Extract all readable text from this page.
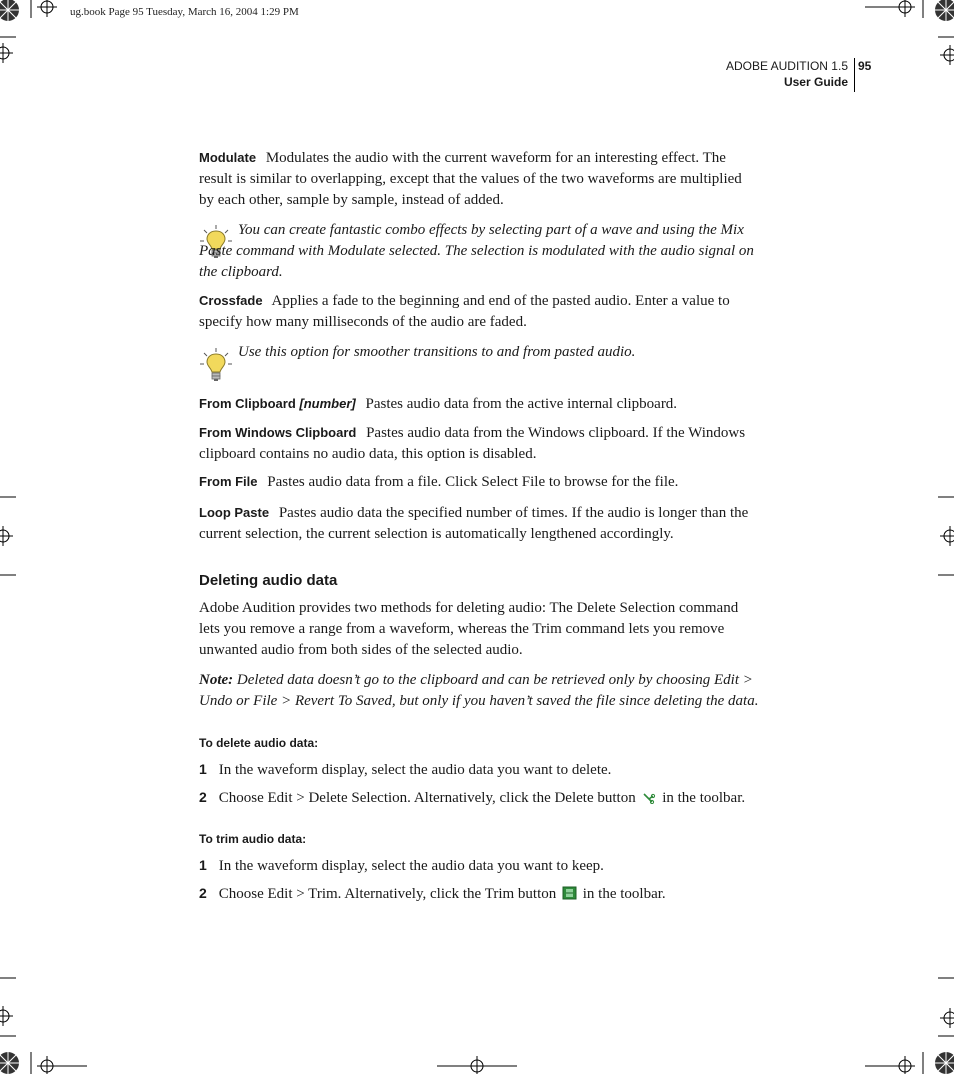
ug.book Page 95 Tuesday, March 16, 2004 1:29 PM
ADOBE AUDITION 1.5
User Guide
95
Modulate Modulates the audio with the current waveform for an interesting effect. The result is similar to overlapping, except that the values of the two waveforms are multiplied by each other, sample by sample, instead of added.
You can create fantastic combo effects by selecting part of a wave and using the Mix Paste command with Modulate selected. The selection is modulated with the audio signal on the clipboard.
Crossfade Applies a fade to the beginning and end of the pasted audio. Enter a value to specify how many milliseconds of the audio are faded.
Use this option for smoother transitions to and from pasted audio.
From Clipboard [number] Pastes audio data from the active internal clipboard.
From Windows Clipboard Pastes audio data from the Windows clipboard. If the Windows clipboard contains no audio data, this option is disabled.
From File Pastes audio data from a file. Click Select File to browse for the file.
Loop Paste Pastes audio data the specified number of times. If the audio is longer than the current selection, the current selection is automatically lengthened accordingly.
Deleting audio data
Adobe Audition provides two methods for deleting audio: The Delete Selection command lets you remove a range from a waveform, whereas the Trim command lets you remove unwanted audio from both sides of the selected audio.
Note: Deleted data doesn’t go to the clipboard and can be retrieved only by choosing Edit > Undo or File > Revert To Saved, but only if you haven’t saved the file since deleting the data.
To delete audio data:
1 In the waveform display, select the audio data you want to delete.
2 Choose Edit > Delete Selection. Alternatively, click the Delete button in the toolbar.
To trim audio data:
1 In the waveform display, select the audio data you want to keep.
2 Choose Edit > Trim. Alternatively, click the Trim button in the toolbar.
